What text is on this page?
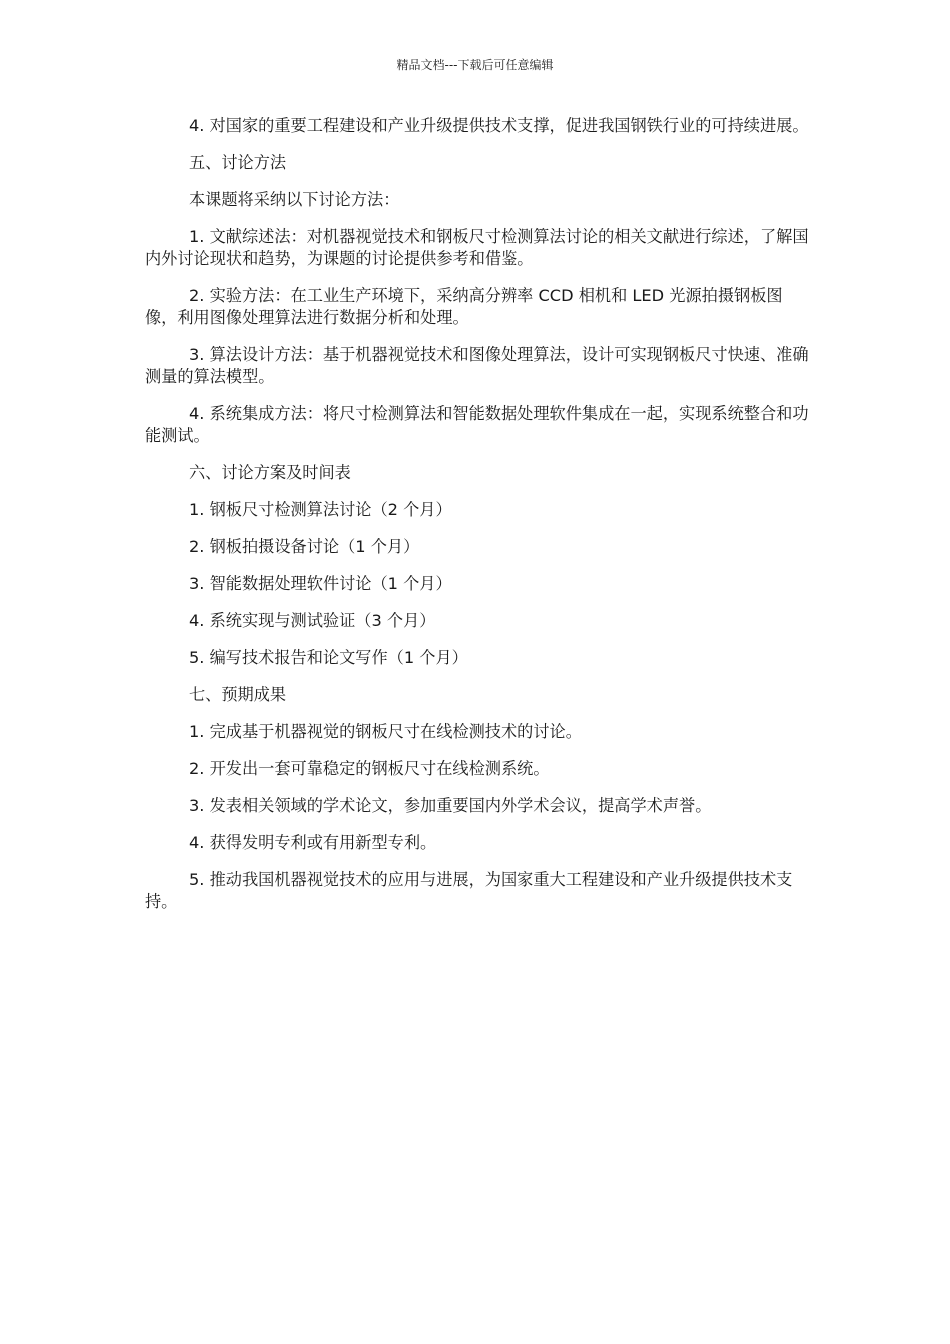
精品文档---下载后可任意编辑

4. 对国家的重要工程建设和产业升级提供技术支撑，促进我国钢铁行业的可持续进展。

五、讨论方法

本课题将采纳以下讨论方法：

1. 文献综述法：对机器视觉技术和钢板尺寸检测算法讨论的相关文献进行综述，了解国内外讨论现状和趋势，为课题的讨论提供参考和借鉴。

2. 实验方法：在工业生产环境下，采纳高分辨率 CCD 相机和 LED 光源拍摄钢板图像，利用图像处理算法进行数据分析和处理。

3. 算法设计方法：基于机器视觉技术和图像处理算法，设计可实现钢板尺寸快速、准确测量的算法模型。

4. 系统集成方法：将尺寸检测算法和智能数据处理软件集成在一起，实现系统整合和功能测试。

六、讨论方案及时间表

1. 钢板尺寸检测算法讨论（2 个月）

2. 钢板拍摄设备讨论（1 个月）

3. 智能数据处理软件讨论（1 个月）

4. 系统实现与测试验证（3 个月）

5. 编写技术报告和论文写作（1 个月）

七、预期成果

1. 完成基于机器视觉的钢板尺寸在线检测技术的讨论。

2. 开发出一套可靠稳定的钢板尺寸在线检测系统。

3. 发表相关领域的学术论文，参加重要国内外学术会议，提高学术声誉。

4. 获得发明专利或有用新型专利。

5. 推动我国机器视觉技术的应用与进展，为国家重大工程建设和产业升级提供技术支持。
